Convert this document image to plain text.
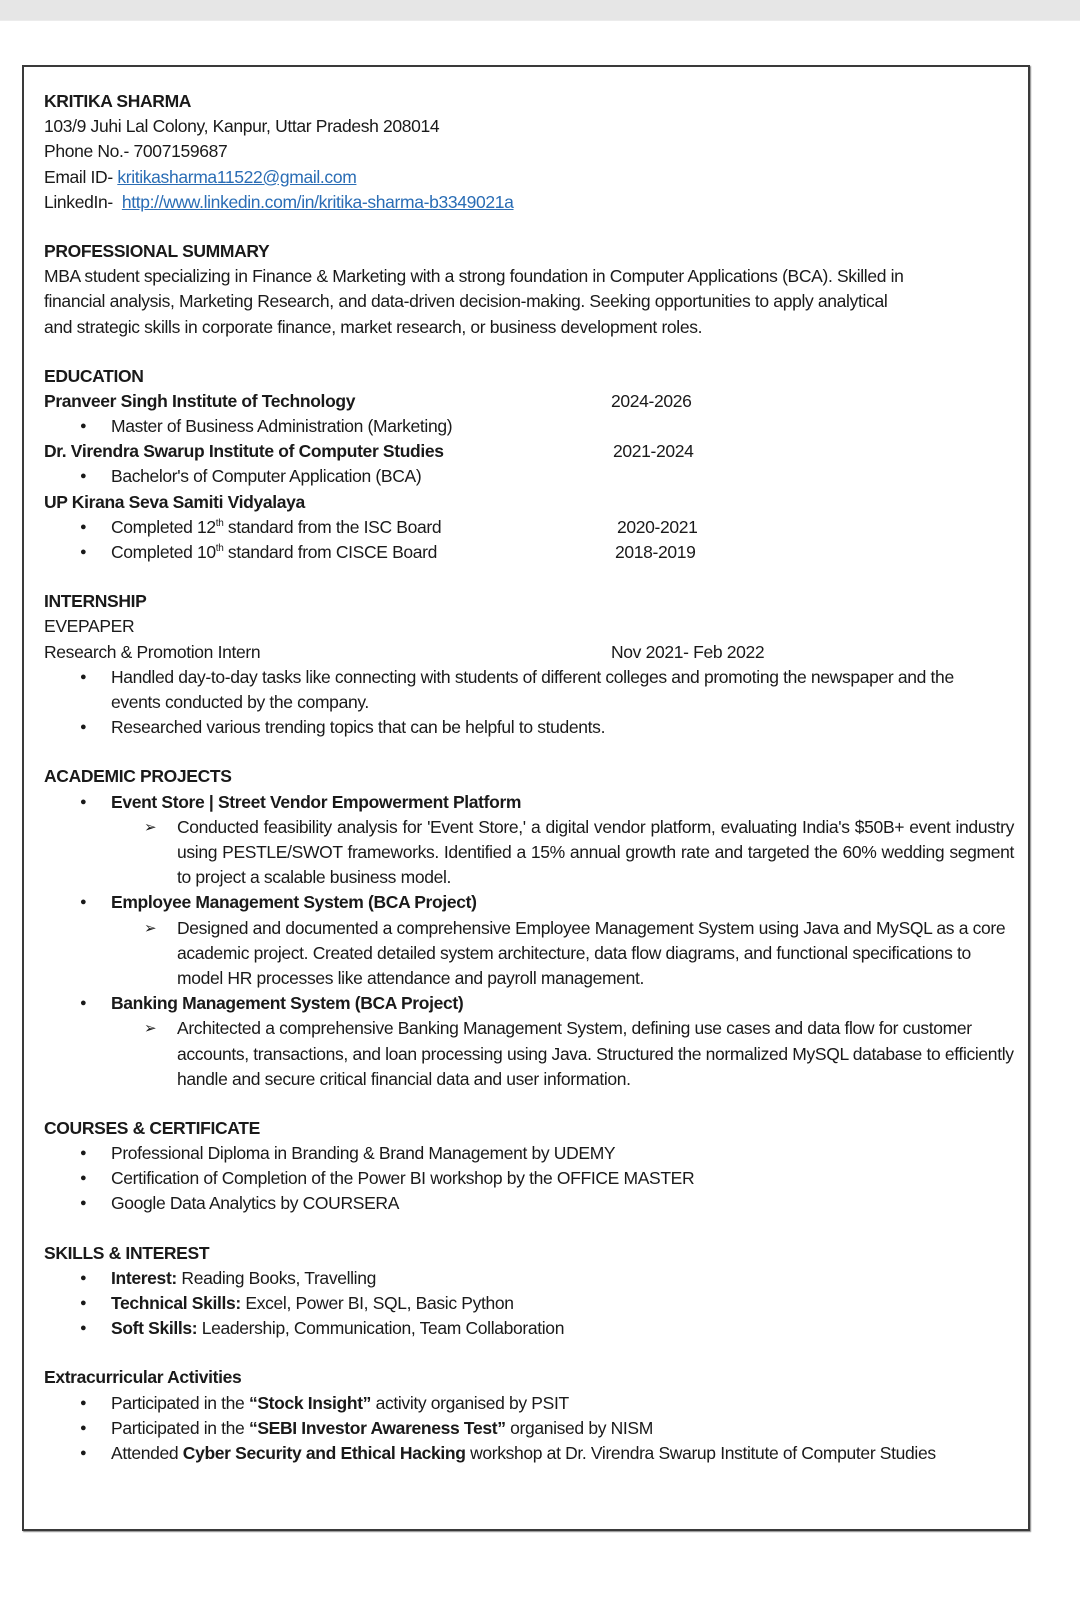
KRITIKA SHARMA
103/9 Juhi Lal Colony, Kanpur, Uttar Pradesh 208014
Phone No.- 7007159687
Email ID- kritikasharma11522@gmail.com
LinkedIn-  http://www.linkedin.com/in/kritika-sharma-b3349021a
PROFESSIONAL SUMMARY
MBA student specializing in Finance & Marketing with a strong foundation in Computer Applications (BCA). Skilled in
financial analysis, Marketing Research, and data-driven decision-making. Seeking opportunities to apply analytical
and strategic skills in corporate finance, market research, or business development roles.
EDUCATION
Pranveer Singh Institute of Technology	2024-2026
● Master of Business Administration (Marketing)
Dr. Virendra Swarup Institute of Computer Studies	2021-2024
● Bachelor's of Computer Application (BCA)
UP Kirana Seva Samiti Vidyalaya
● Completed 12th standard from the ISC Board	2020-2021
● Completed 10th standard from CISCE Board	2018-2019
INTERNSHIP
EVEPAPER
Research & Promotion Intern	Nov 2021- Feb 2022
● Handled day-to-day tasks like connecting with students of different colleges and promoting the newspaper and the events conducted by the company.
● Researched various trending topics that can be helpful to students.
ACADEMIC PROJECTS
● Event Store | Street Vendor Empowerment Platform
➢ Conducted feasibility analysis for 'Event Store,' a digital vendor platform, evaluating India's $50B+ event industry using PESTLE/SWOT frameworks. Identified a 15% annual growth rate and targeted the 60% wedding segment to project a scalable business model.
● Employee Management System (BCA Project)
➢ Designed and documented a comprehensive Employee Management System using Java and MySQL as a core academic project. Created detailed system architecture, data flow diagrams, and functional specifications to model HR processes like attendance and payroll management.
● Banking Management System (BCA Project)
➢ Architected a comprehensive Banking Management System, defining use cases and data flow for customer accounts, transactions, and loan processing using Java. Structured the normalized MySQL database to efficiently handle and secure critical financial data and user information.
COURSES & CERTIFICATE
● Professional Diploma in Branding & Brand Management by UDEMY
● Certification of Completion of the Power BI workshop by the OFFICE MASTER
● Google Data Analytics by COURSERA
SKILLS & INTEREST
● Interest: Reading Books, Travelling
● Technical Skills: Excel, Power BI, SQL, Basic Python
● Soft Skills: Leadership, Communication, Team Collaboration
Extracurricular Activities
● Participated in the “Stock Insight” activity organised by PSIT
● Participated in the “SEBI Investor Awareness Test” organised by NISM
● Attended Cyber Security and Ethical Hacking workshop at Dr. Virendra Swarup Institute of Computer Studies
